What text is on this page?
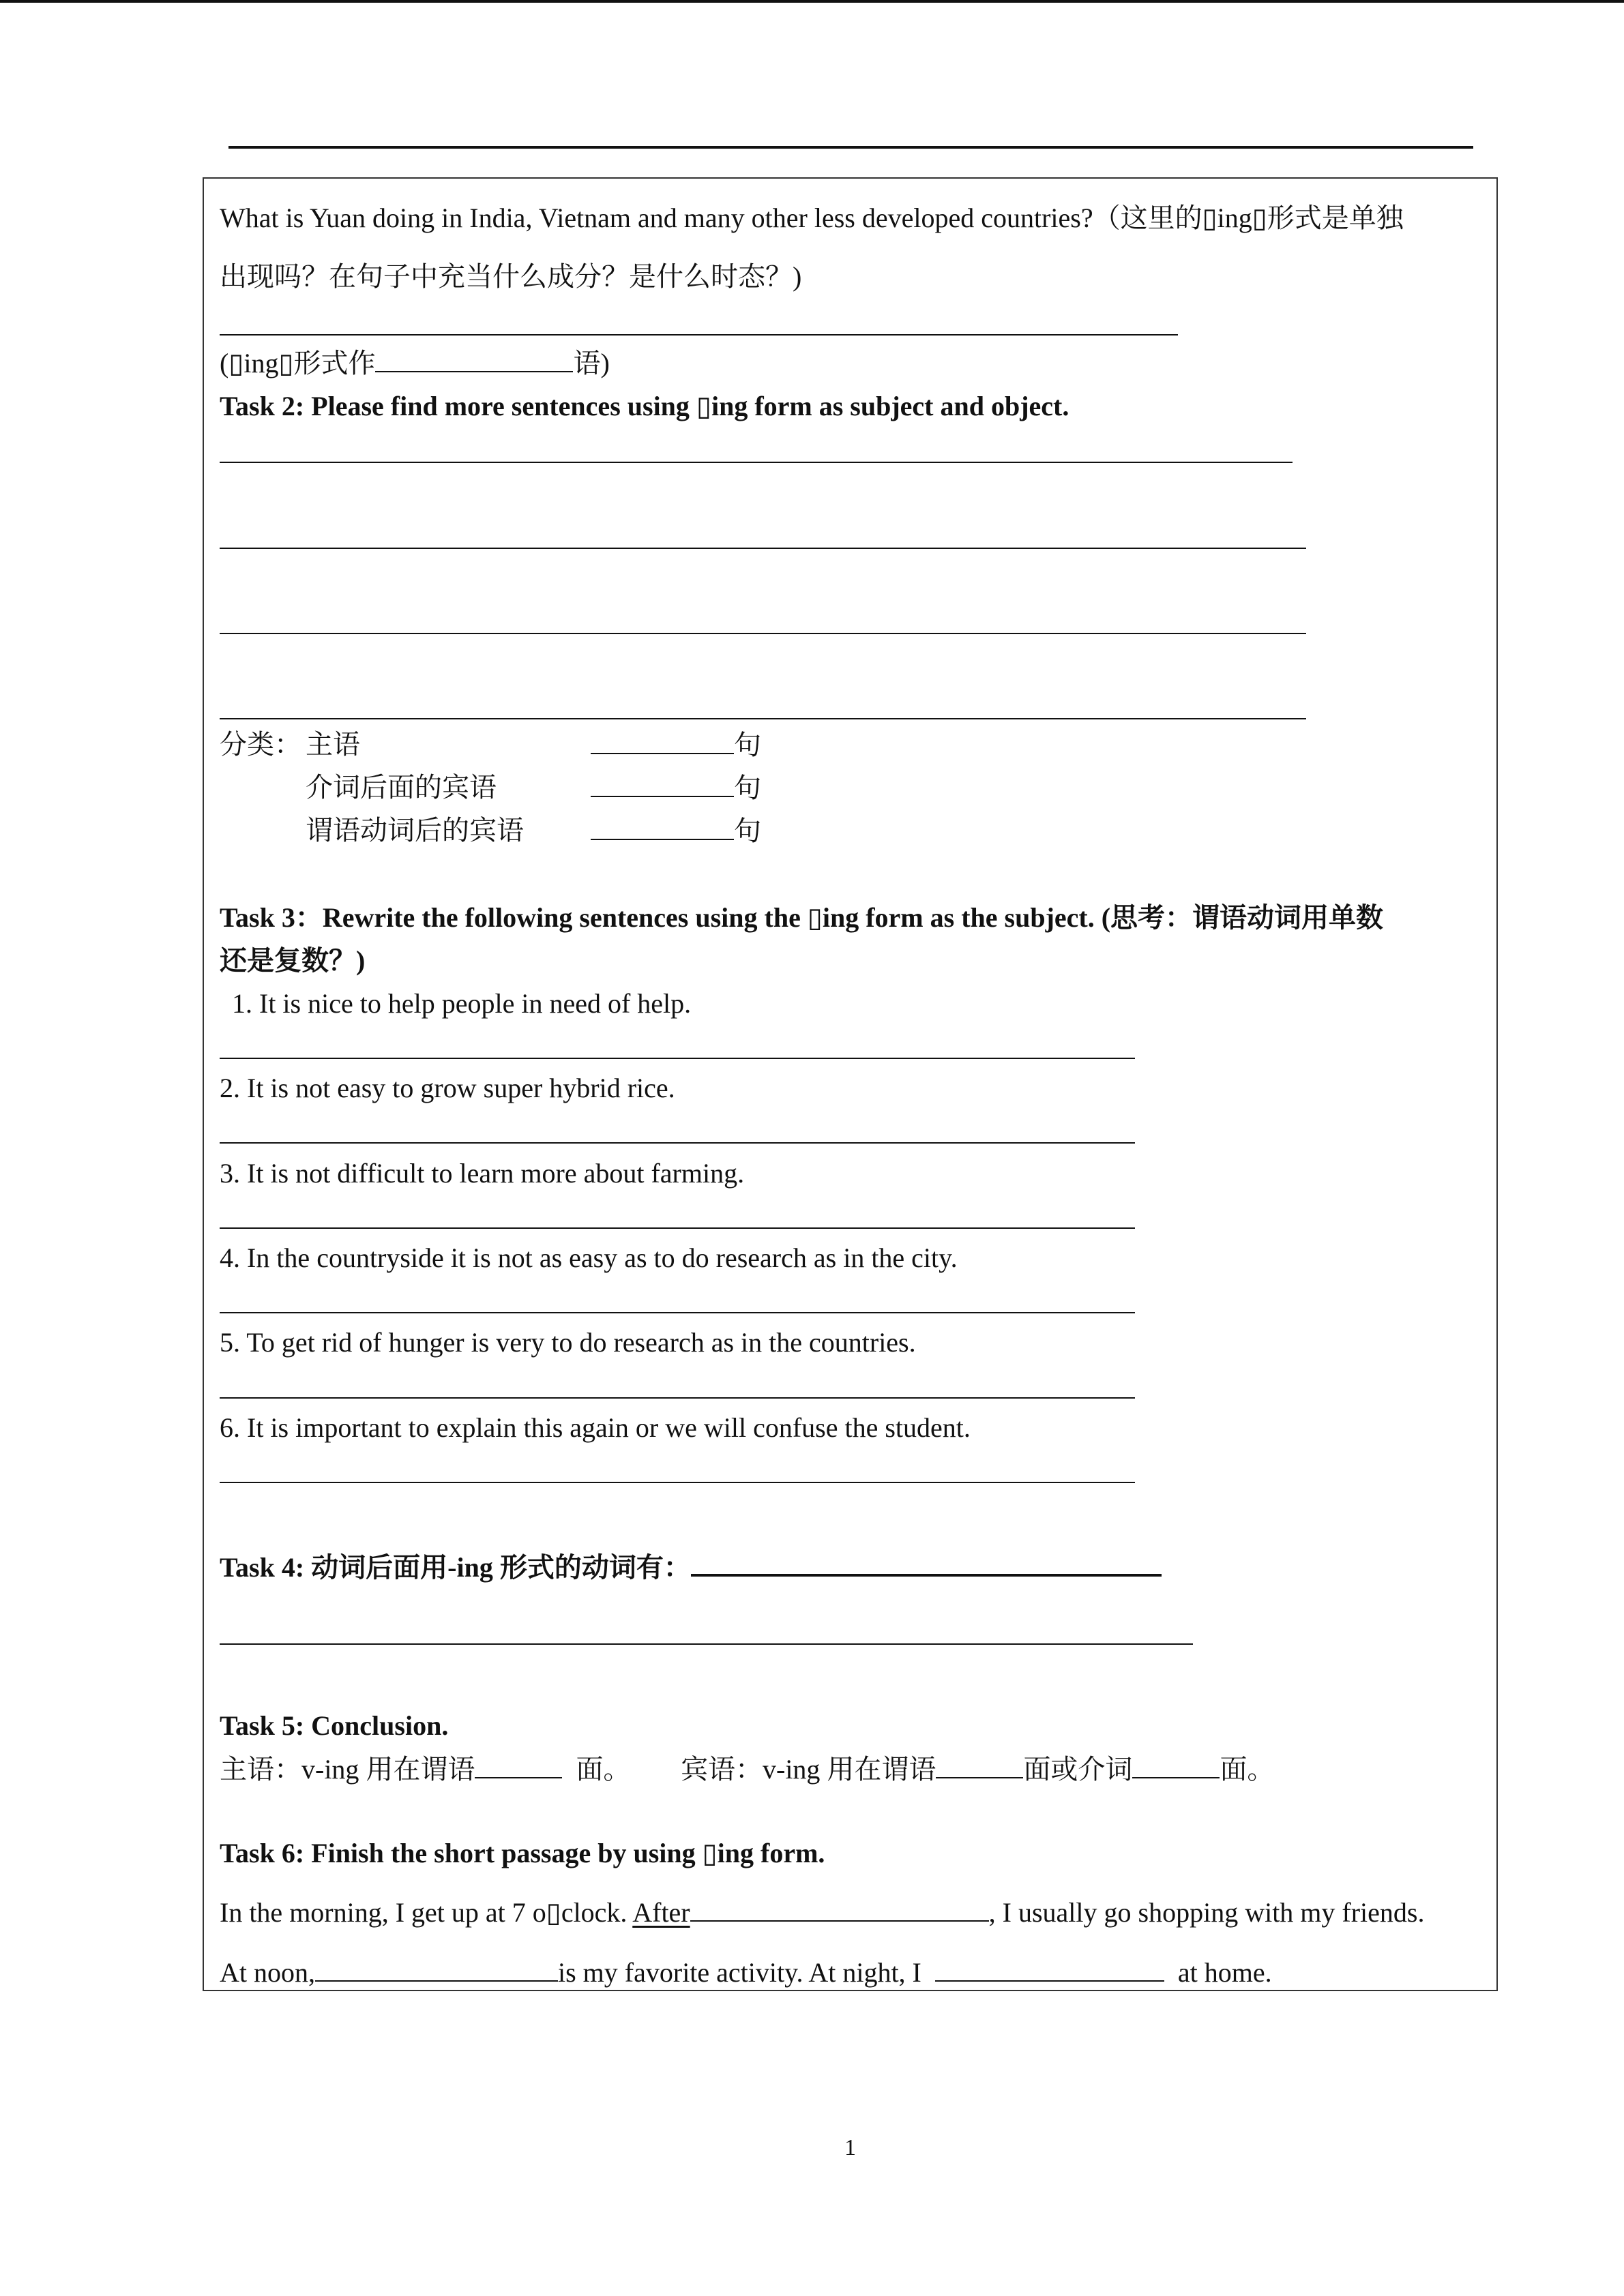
What is Yuan doing in India, Vietnam and many other less developed countries?（这里的▯ing▯形式是单独
出现吗？在句子中充当什么成分？是什么时态？)
(▯ing▯形式作	语)
Task 2: Please find more sentences using ▯ing form as subject and object.
分类： 主语	句
介词后面的宾语	句
谓语动词后的宾语	句
Task 3：Rewrite the following sentences using the ▯ing form as the subject. (思考：谓语动词用单数
还是复数？)
1. It is nice to help people in need of help.
2. It is not easy to grow super hybrid rice.
3. It is not difficult to learn more about farming.
4. In the countryside it is not as easy as to do research as in the city.
5. To get rid of hunger is very to do research as in the countries.
6. It is important to explain this again or we will confuse the student.
Task 4: 动词后面用-ing 形式的动词有：
Task 5: Conclusion.
主语：v-ing 用在谓语	面。 宾语：v-ing 用在谓语	面或介词	面。
Task 6: Finish the short passage by using ▯ing form.
In the morning, I get up at 7 o▯clock. After	, I usually go shopping with my friends.
At noon,	is my favorite activity. At night, I	at home.
1
